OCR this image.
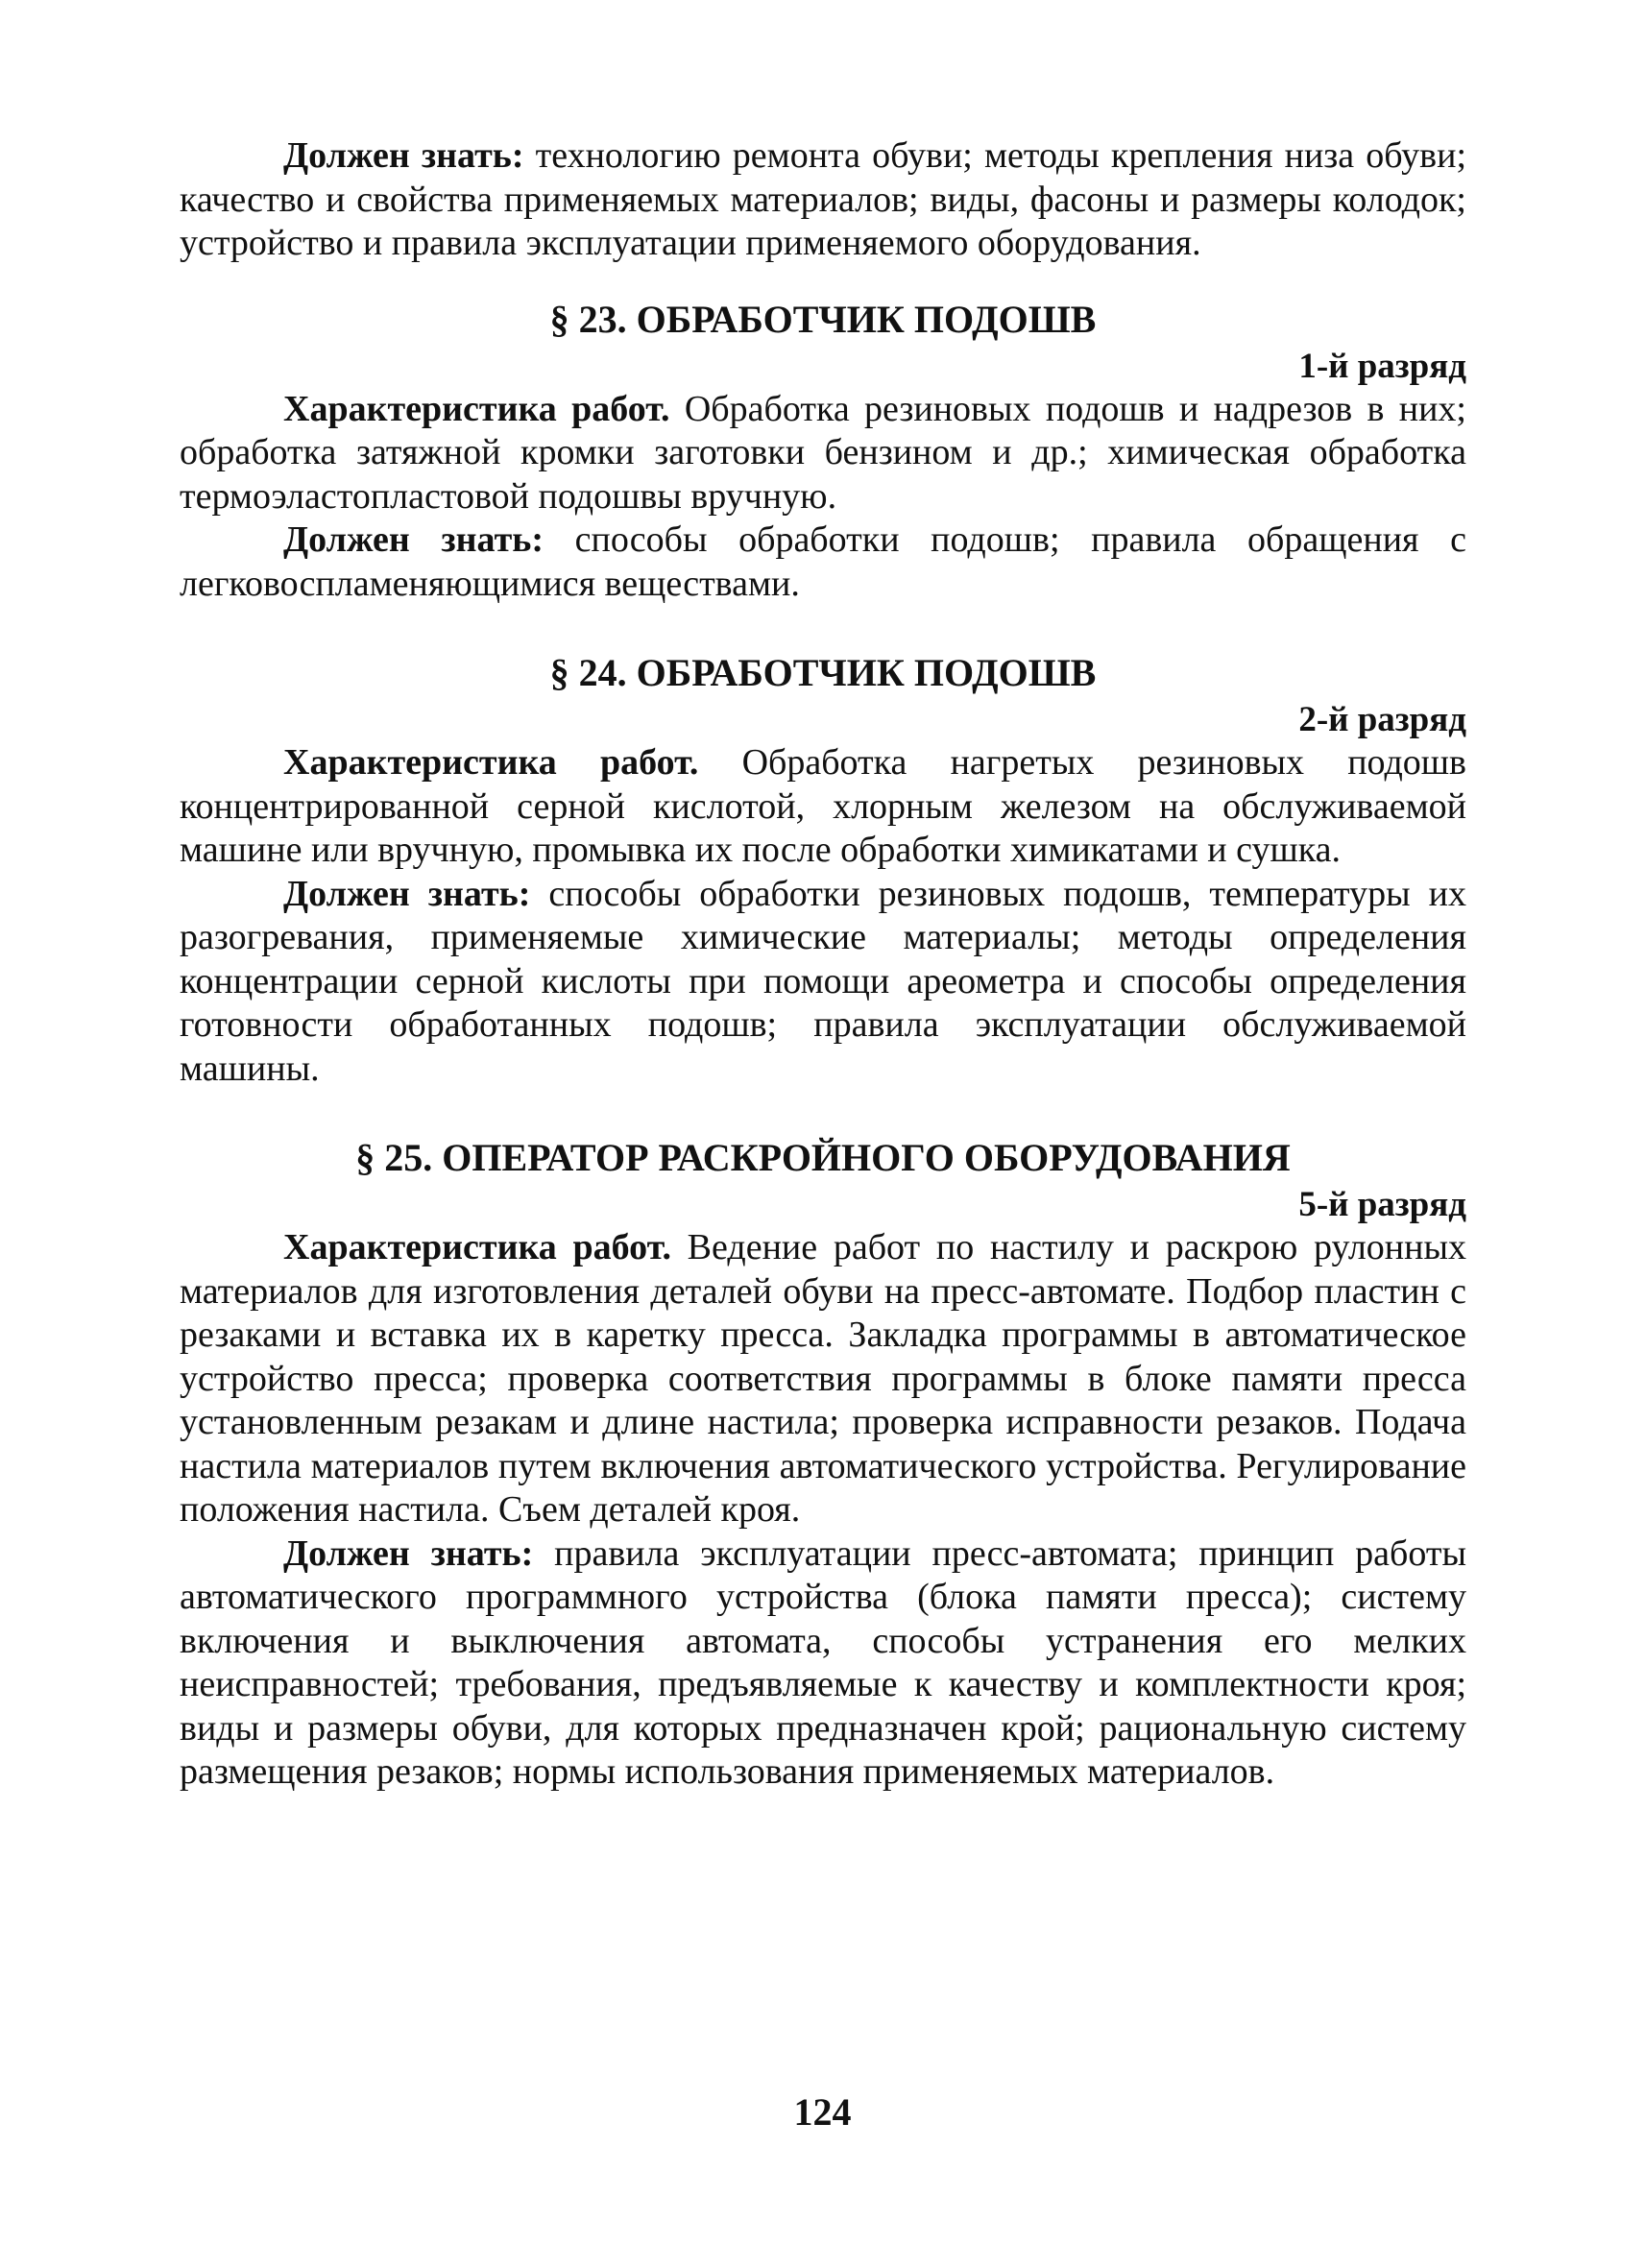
Должен знать: технологию ремонта обуви; методы крепления низа обуви; качество и свойства применяемых материалов; виды, фасоны и размеры колодок; устройство и правила эксплуатации применяемого оборудования.

§ 23. ОБРАБОТЧИК ПОДОШВ

1-й разряд

Характеристика работ. Обработка резиновых подошв и надрезов в них; обработка затяжной кромки заготовки бензином и др.; химическая обработка термоэластопластовой подошвы вручную.

Должен знать: способы обработки подошв; правила обращения с легковоспламеняющимися веществами.

§ 24. ОБРАБОТЧИК ПОДОШВ

2-й разряд

Характеристика работ. Обработка нагретых резиновых подошв концентрированной серной кислотой, хлорным железом на обслуживаемой машине или вручную, промывка их после обработки химикатами и сушка.

Должен знать: способы обработки резиновых подошв, температуры их разогревания, применяемые химические материалы; методы определения концентрации серной кислоты при помощи ареометра и способы определения готовности обработанных подошв; правила эксплуатации обслуживаемой машины.

§ 25. ОПЕРАТОР РАСКРОЙНОГО ОБОРУДОВАНИЯ

5-й разряд

Характеристика работ. Ведение работ по настилу и раскрою рулонных материалов для изготовления деталей обуви на пресс-автомате. Подбор пластин с резаками и вставка их в каретку пресса. Закладка программы в автоматическое устройство пресса; проверка соответствия программы в блоке памяти пресса установленным резакам и длине настила; проверка исправности резаков. Подача настила материалов путем включения автоматического устройства. Регулирование положения настила. Съем деталей кроя.

Должен знать: правила эксплуатации пресс-автомата; принцип работы автоматического программного устройства (блока памяти пресса); систему включения и выключения автомата, способы устранения его мелких неисправностей; требования, предъявляемые к качеству и комплектности кроя; виды и размеры обуви, для которых предназначен крой; рациональную систему размещения резаков; нормы использования применяемых материалов.

124
